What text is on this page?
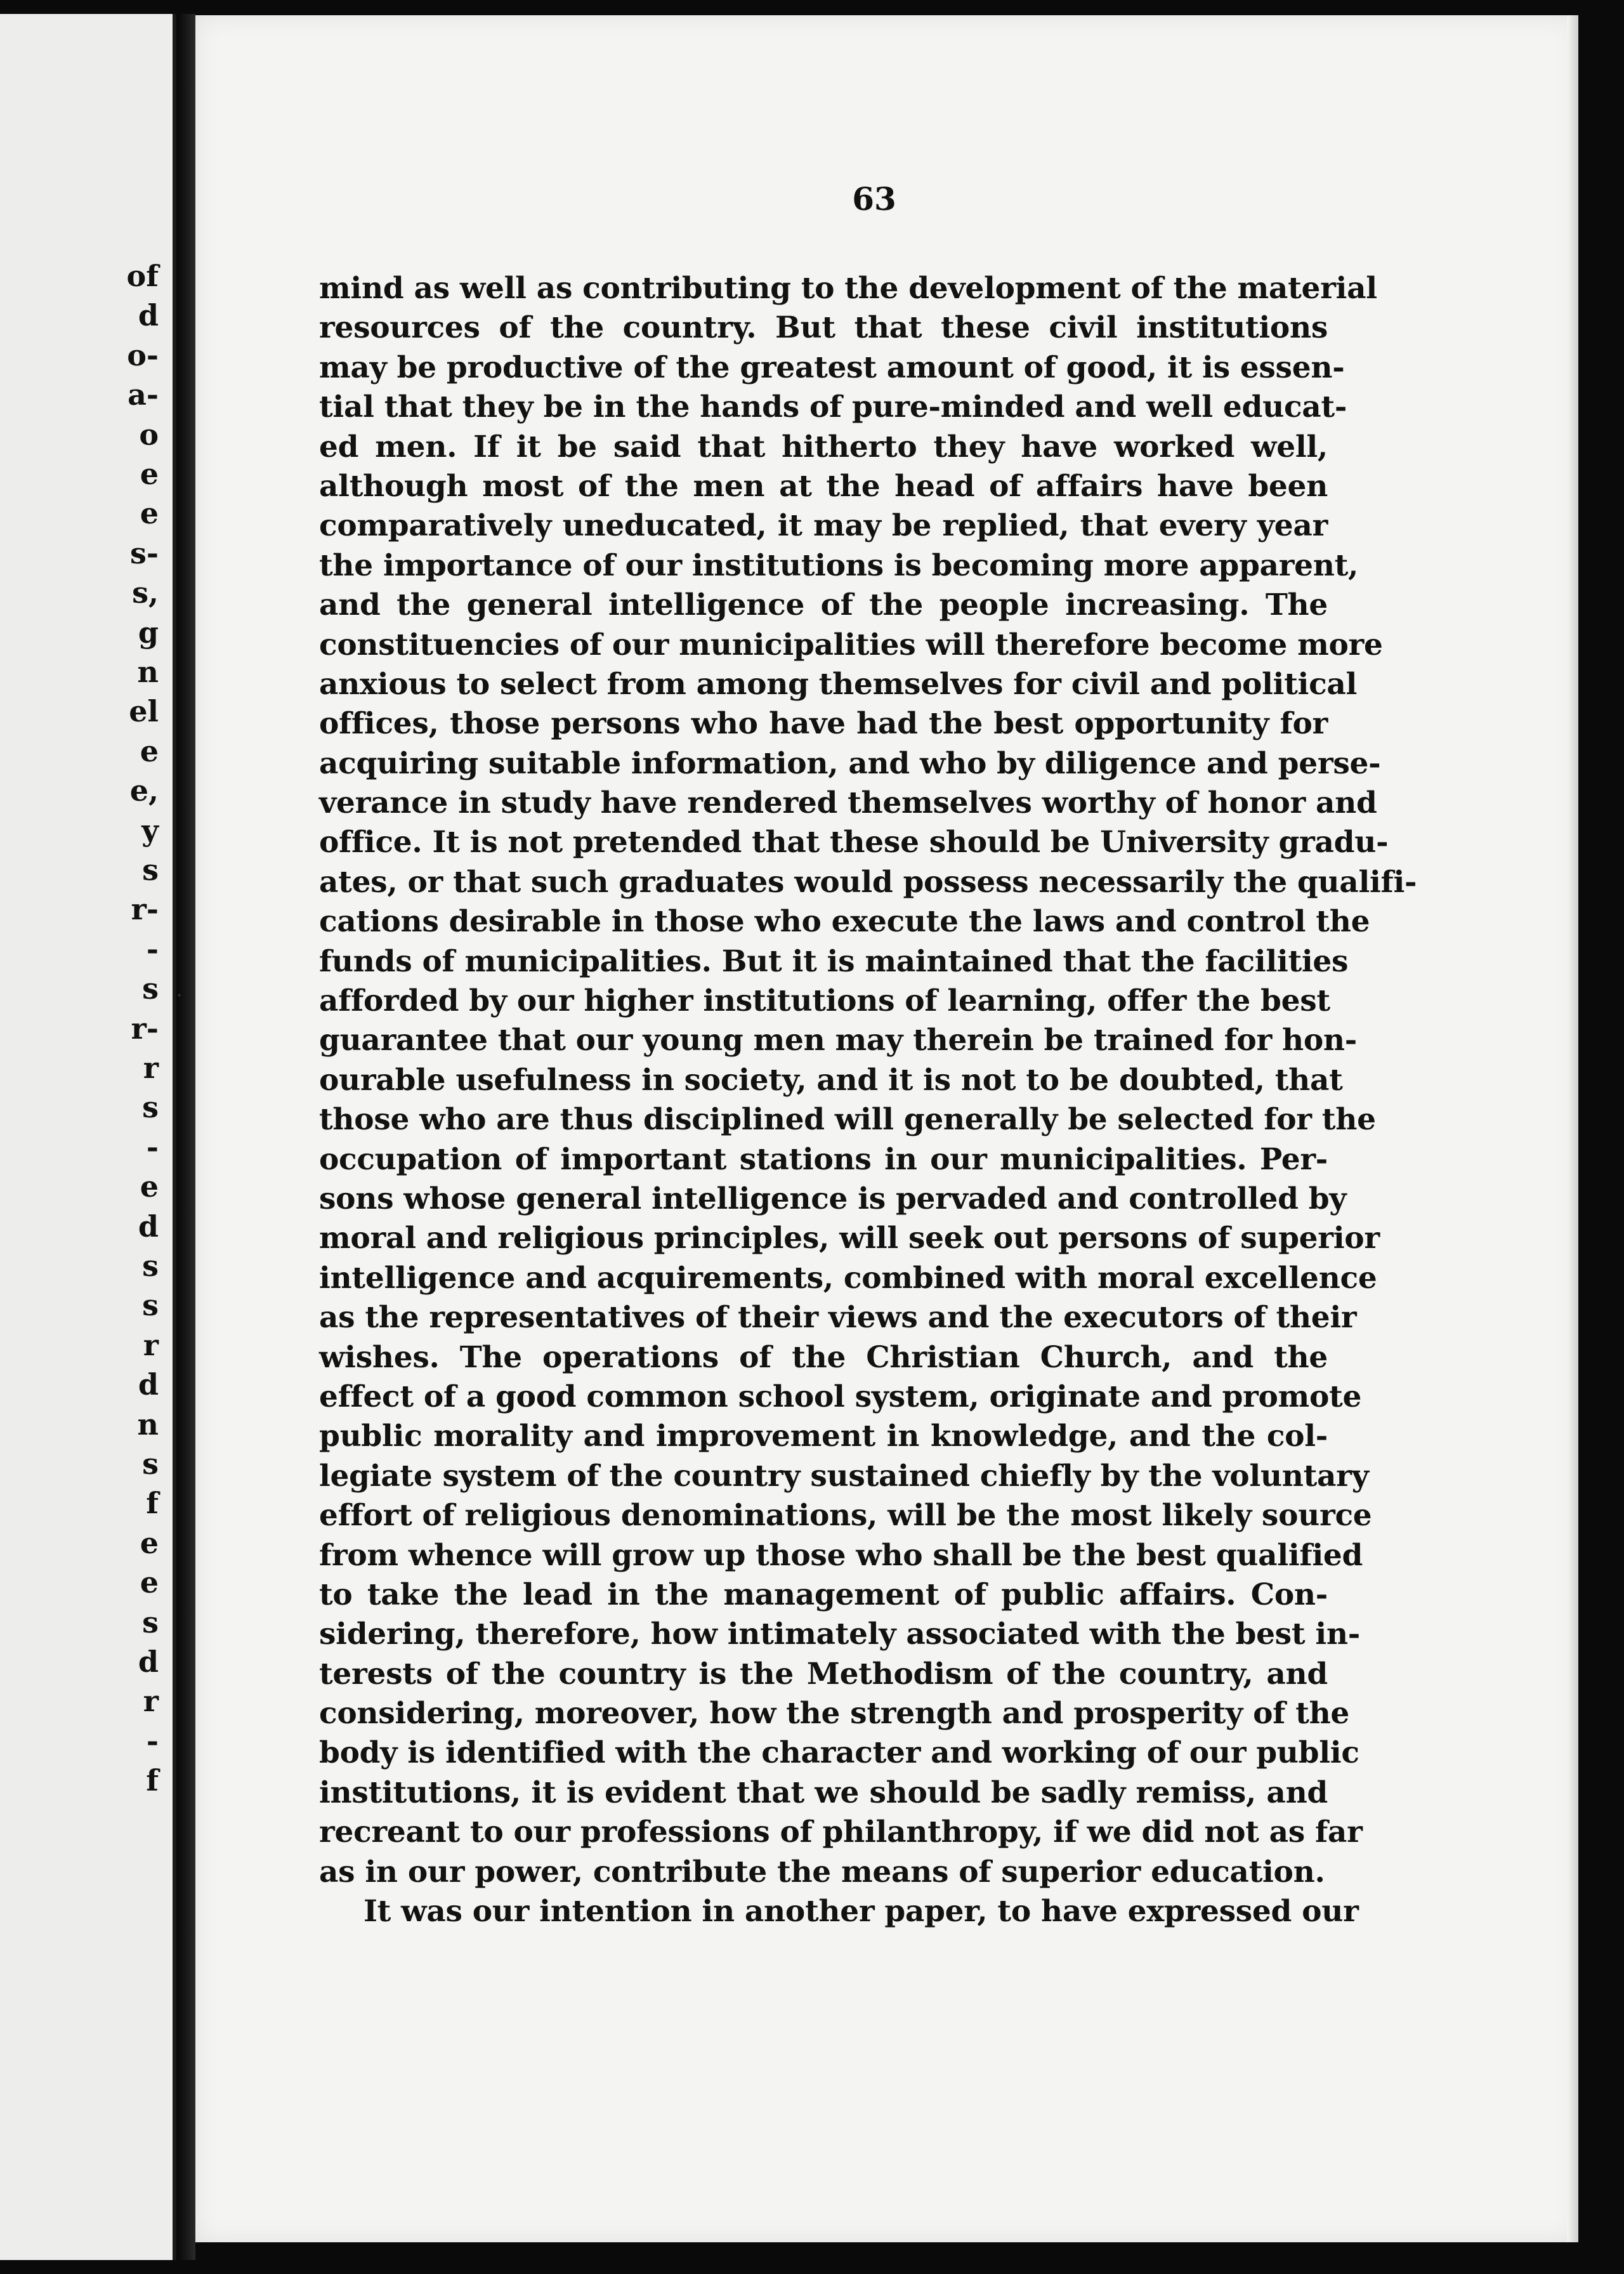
of
d
o-
a-
o
e
e
s-
s,
g
n
el
e
e,
y
s
r-
-
s
r-
r
s
-
e
d
s
s
r
d
n
s
f
e
e
s
d
r
-
f
63
mind as well as contributing to the development of the material
resources of the country. But that these civil institutions
may be productive of the greatest amount of good, it is essen-
tial that they be in the hands of pure-minded and well educat-
ed men. If it be said that hitherto they have worked well,
although most of the men at the head of affairs have been
comparatively uneducated, it may be replied, that every year
the importance of our institutions is becoming more apparent,
and the general intelligence of the people increasing. The
constituencies of our municipalities will therefore become more
anxious to select from among themselves for civil and political
offices, those persons who have had the best opportunity for
acquiring suitable information, and who by diligence and perse-
verance in study have rendered themselves worthy of honor and
office. It is not pretended that these should be University gradu-
ates, or that such graduates would possess necessarily the qualifi-
cations desirable in those who execute the laws and control the
funds of municipalities. But it is maintained that the facilities
afforded by our higher institutions of learning, offer the best
guarantee that our young men may therein be trained for hon-
ourable usefulness in society, and it is not to be doubted, that
those who are thus disciplined will generally be selected for the
occupation of important stations in our municipalities. Per-
sons whose general intelligence is pervaded and controlled by
moral and religious principles, will seek out persons of superior
intelligence and acquirements, combined with moral excellence
as the representatives of their views and the executors of their
wishes. The operations of the Christian Church, and the
effect of a good common school system, originate and promote
public morality and improvement in knowledge, and the col-
legiate system of the country sustained chiefly by the voluntary
effort of religious denominations, will be the most likely source
from whence will grow up those who shall be the best qualified
to take the lead in the management of public affairs. Con-
sidering, therefore, how intimately associated with the best in-
terests of the country is the Methodism of the country, and
considering, moreover, how the strength and prosperity of the
body is identified with the character and working of our public
institutions, it is evident that we should be sadly remiss, and
recreant to our professions of philanthropy, if we did not as far
as in our power, contribute the means of superior education.
It was our intention in another paper, to have expressed our
·
